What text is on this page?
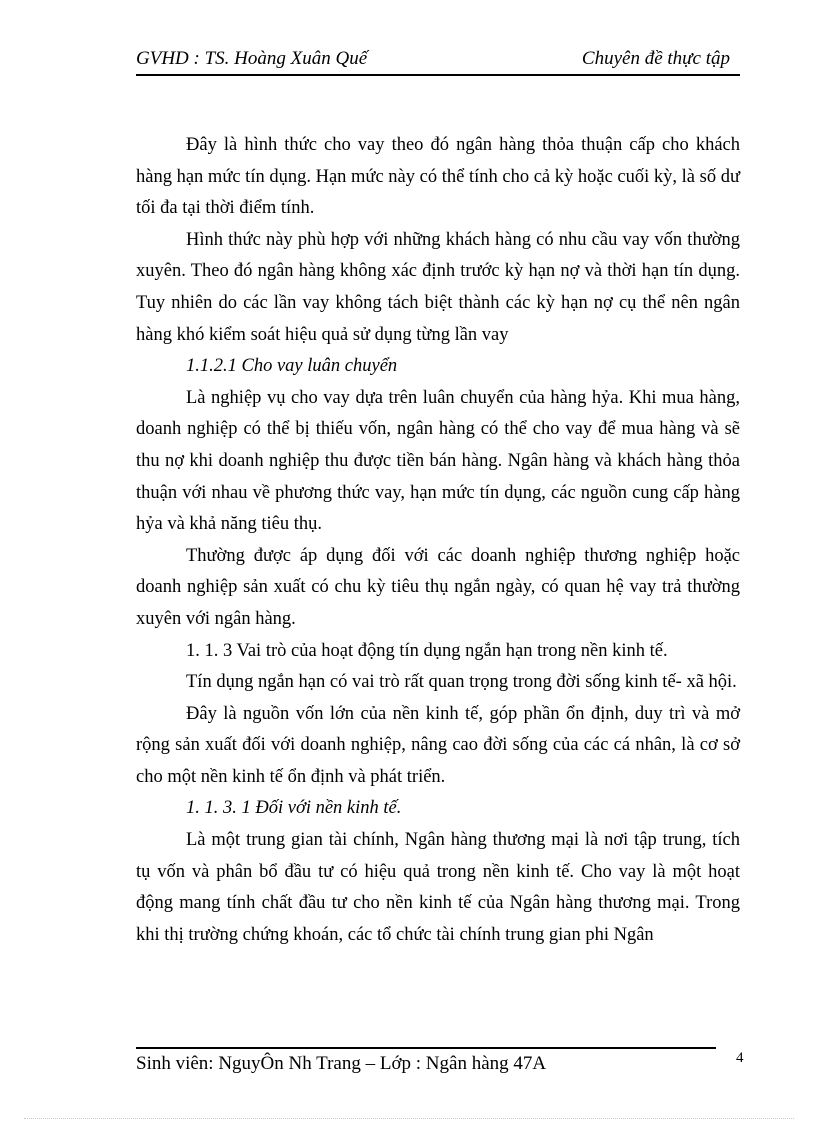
GVHD : TS. Hoàng Xuân Quế	Chuyên đề thực tập

Đây là hình thức cho vay theo đó ngân hàng thỏa thuận cấp cho khách hàng hạn mức tín dụng. Hạn mức này có thể tính cho cả kỳ hoặc cuối kỳ, là số dư tối đa tại thời điểm tính.

Hình thức này phù hợp với những khách hàng có nhu cầu vay vốn thường xuyên. Theo đó ngân hàng không xác định trước kỳ hạn nợ và thời hạn tín dụng. Tuy nhiên do các lần vay không tách biệt thành các kỳ hạn nợ cụ thể nên ngân hàng khó kiểm soát hiệu quả sử dụng từng lần vay

1.1.2.1 Cho vay luân chuyển

Là nghiệp vụ cho vay dựa trên luân chuyển của hàng hỷa. Khi mua hàng, doanh nghiệp có thể bị thiếu vốn, ngân hàng có thể cho vay để mua hàng và sẽ thu nợ khi doanh nghiệp thu được tiền bán hàng. Ngân hàng và khách hàng thỏa thuận với nhau về phương thức vay, hạn mức tín dụng, các nguồn cung cấp hàng hỷa và khả năng tiêu thụ.

Thường được áp dụng đối với các doanh nghiệp thương nghiệp hoặc doanh nghiệp sản xuất có chu kỳ tiêu thụ ngắn ngày, có quan hệ vay trả thường xuyên với ngân hàng.

1. 1. 3 Vai trò của hoạt động tín dụng ngắn hạn trong nền kinh tế.

Tín dụng ngắn hạn có vai trò rất quan trọng trong đời sống kinh tế- xã hội.

Đây là nguồn vốn lớn của nền kinh tế, góp phần ổn định, duy trì và mở rộng sản xuất đối với doanh nghiệp, nâng cao đời sống của các cá nhân, là cơ sở cho một nền kinh tế ổn định và phát triển.

1. 1. 3. 1 Đối với nền kinh tế.

Là một trung gian tài chính, Ngân hàng thương mại là nơi tập trung, tích tụ vốn và phân bổ đầu tư có hiệu quả trong nền kinh tế. Cho vay là một hoạt động mang tính chất đầu tư cho nền kinh tế của Ngân hàng thương mại. Trong khi thị trường chứng khoán, các tổ chức tài chính trung gian phi Ngân

Sinh viên: NguyÔn Nh Trang – Lớp : Ngân hàng 47A	4
